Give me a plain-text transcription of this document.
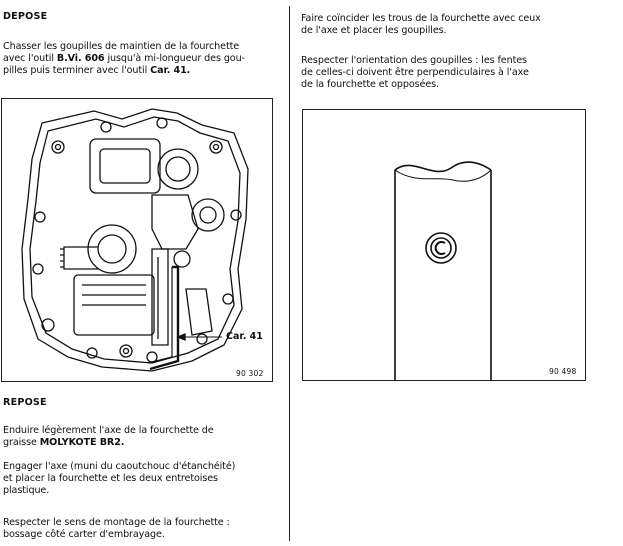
DEPOSE
Chasser les goupilles de maintien de la fourchette
avec l'outil B.Vi. 606 jusqu'à mi-longueur des gou-
pilles puis terminer avec l'outil Car. 41.
Car. 41
90 302
REPOSE
Enduire légèrement l'axe de la fourchette de
graisse MOLYKOTE BR2.
Engager l'axe (muni du caoutchouc d'étanchéité)
et placer la fourchette et les deux entretoises
plastique.
Respecter le sens de montage de la fourchette :
bossage côté carter d'embrayage.
Faire coïncider les trous de la fourchette avec ceux
de l'axe et placer les goupilles.
Respecter l'orientation des goupilles : les fentes
de celles-ci doivent être perpendiculaires à l'axe
de la fourchette et opposées.
90 498
